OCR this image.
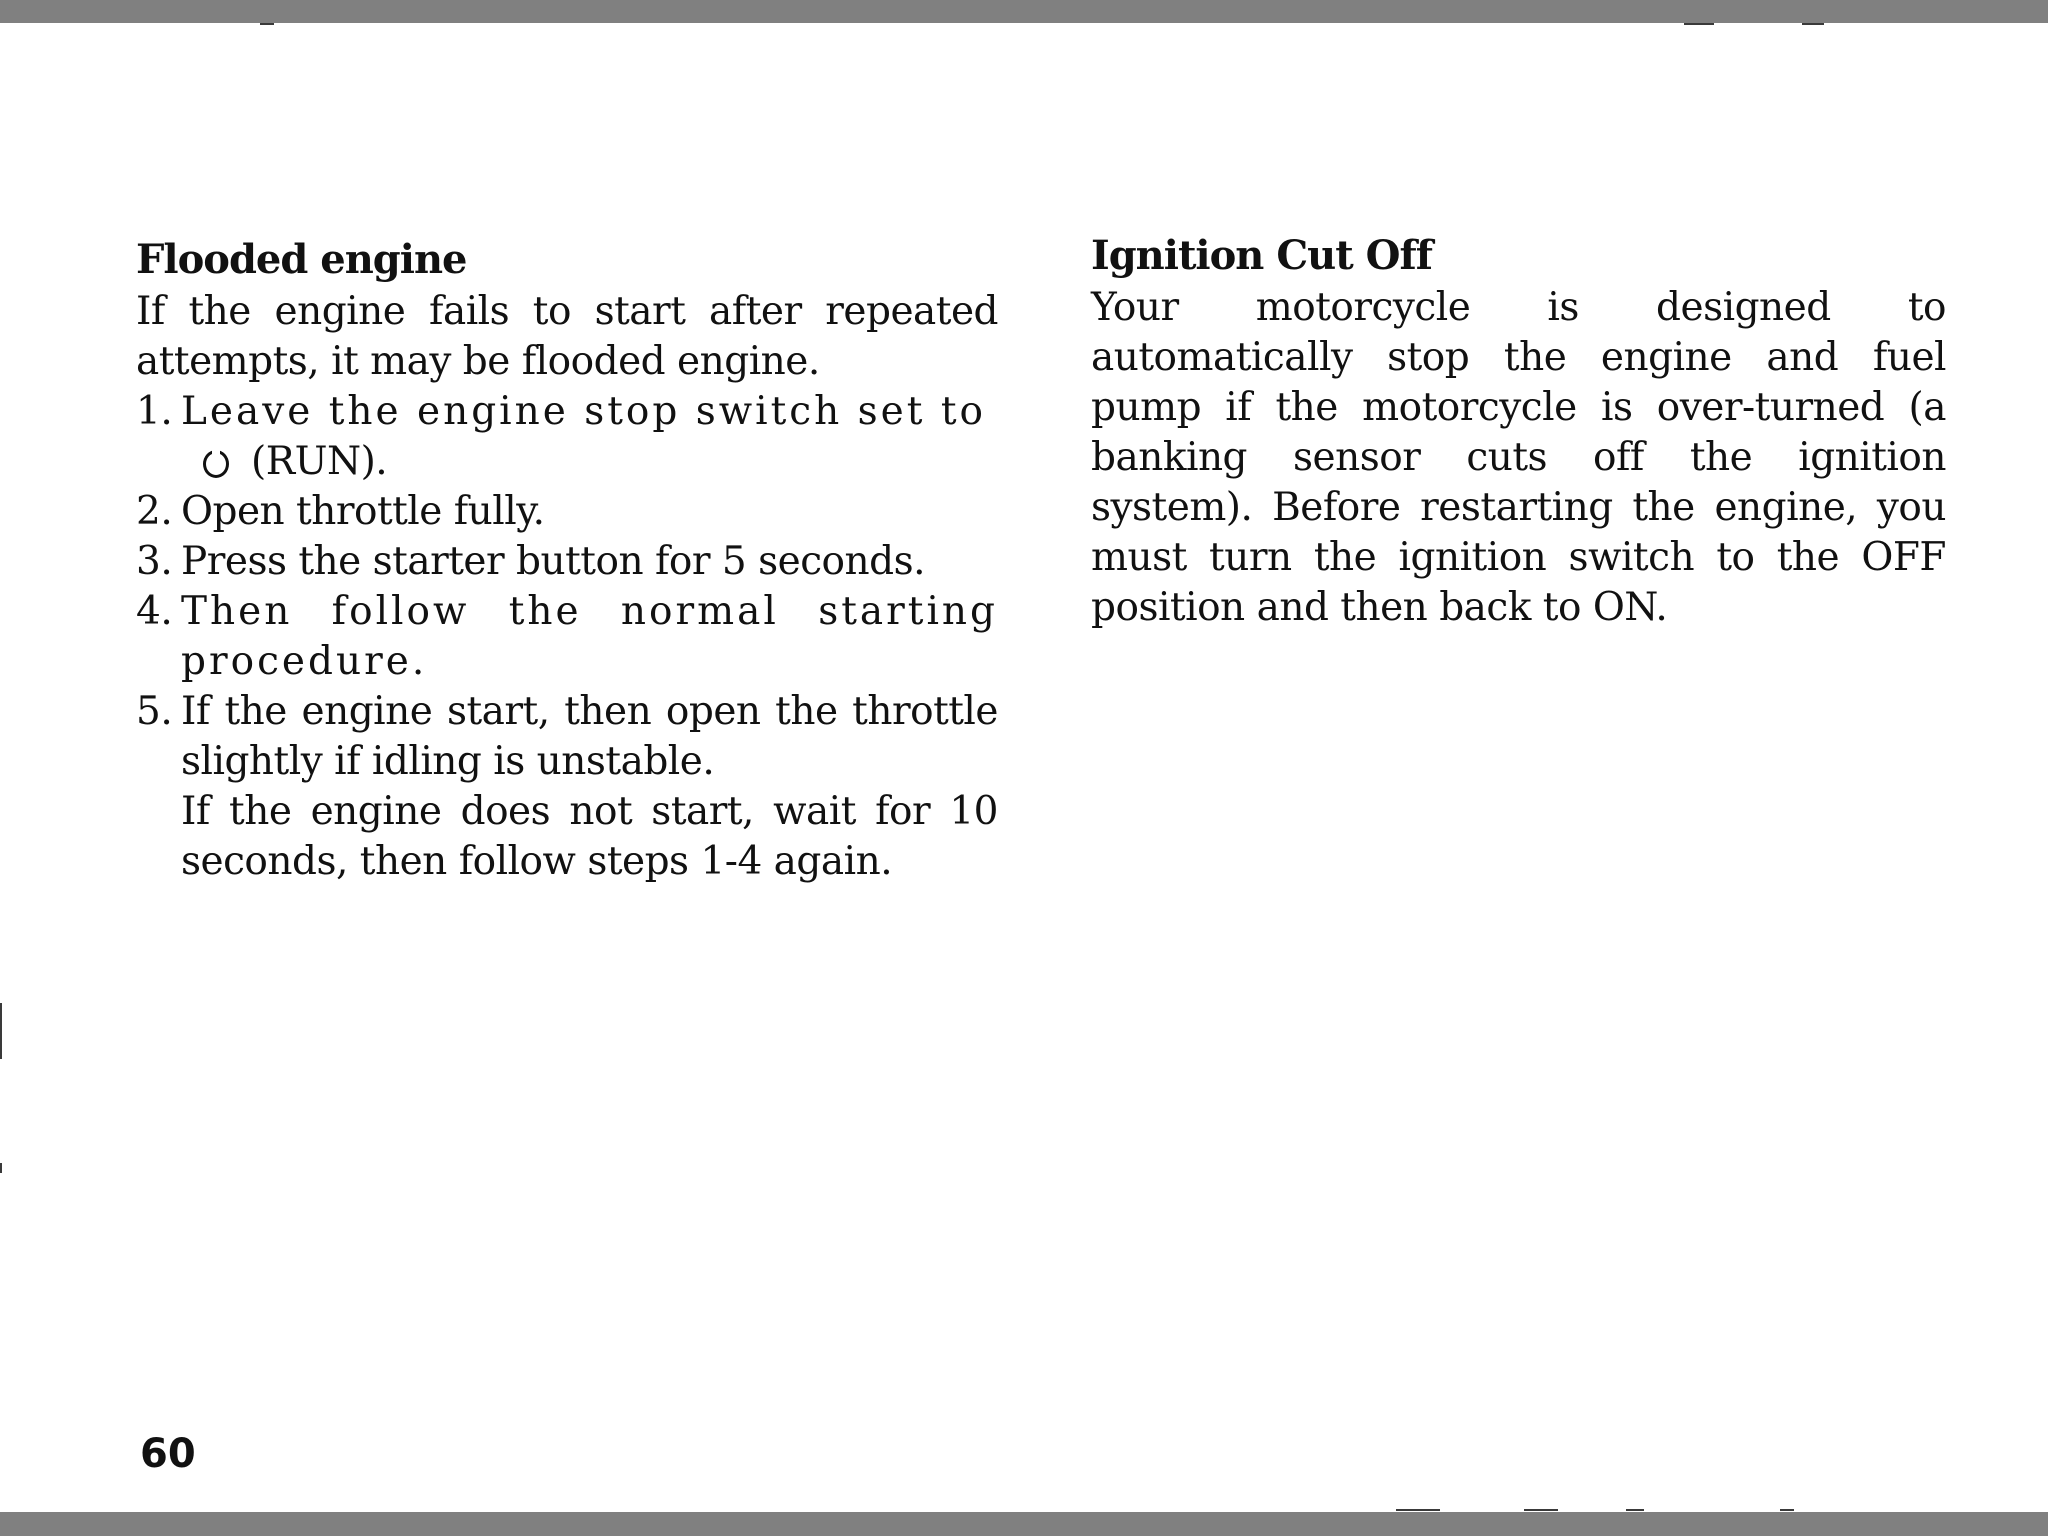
Flooded engine

If the engine fails to start after repeated attempts, it may be flooded engine.

1. Leave the engine stop switch set to
(RUN).
2. Open throttle fully.
3. Press the starter button for 5 seconds.
4. Then follow the normal starting procedure.
5. If the engine start, then open the throttle slightly if idling is unstable.
If the engine does not start, wait for 10 seconds, then follow steps 1-4 again.
Ignition Cut Off

Your motorcycle is designed to automatically stop the engine and fuel pump if the motorcycle is over-turned (a banking sensor cuts off the ignition system). Before restarting the engine, you must turn the ignition switch to the OFF position and then back to ON.

60
